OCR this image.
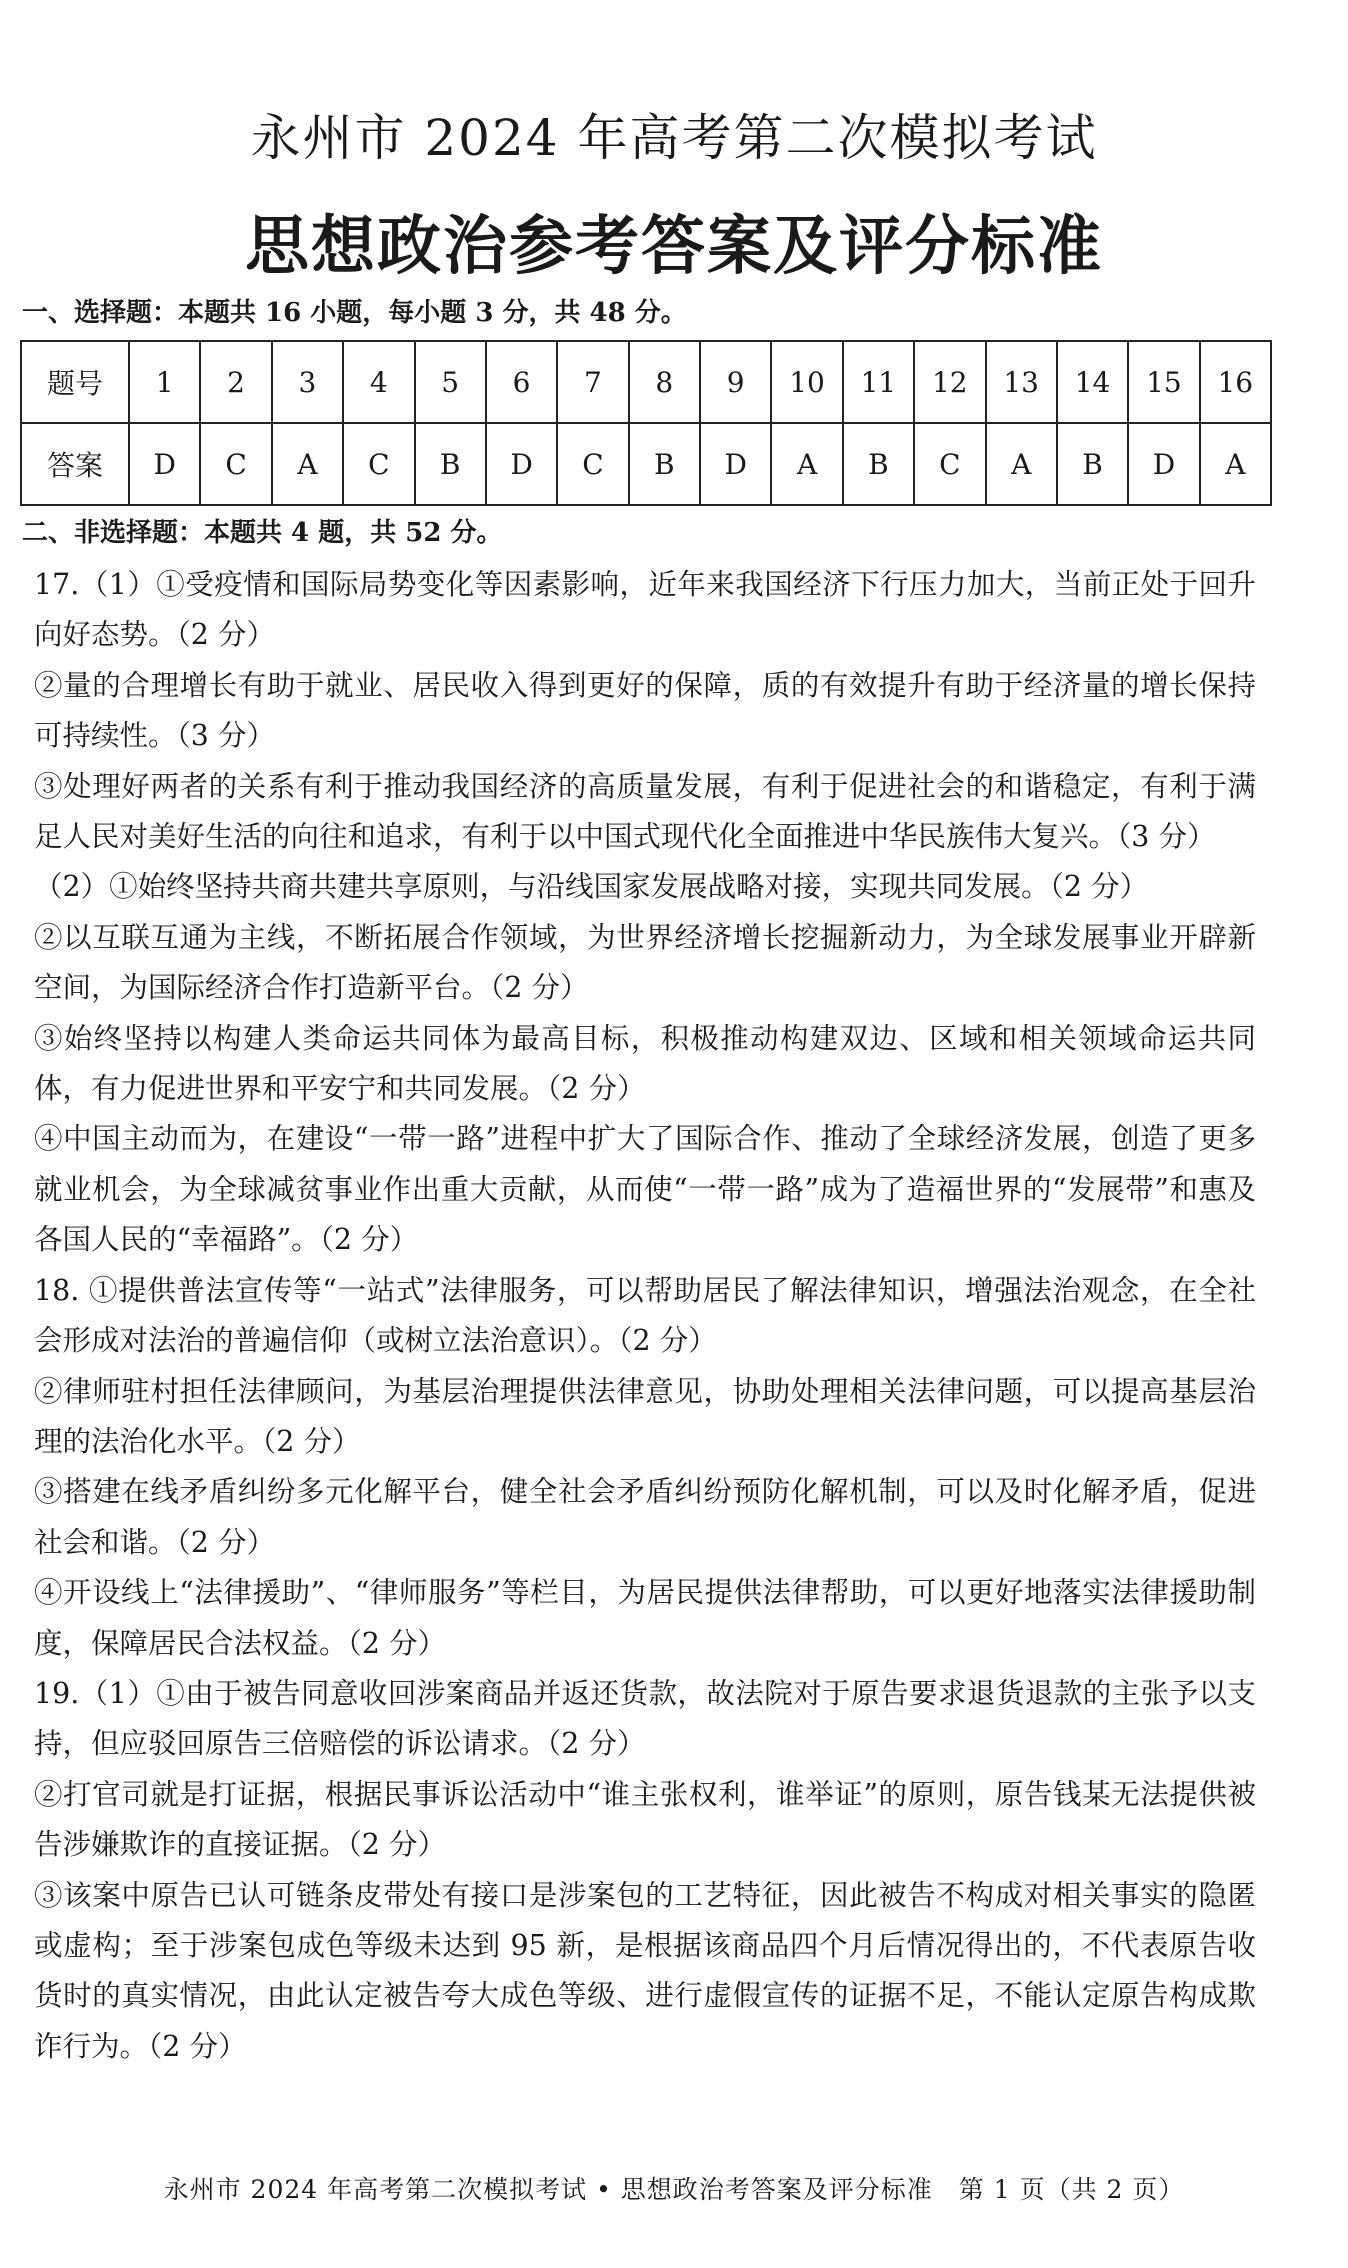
永州市 2024 年高考第二次模拟考试
思想政治参考答案及评分标准
一、选择题：本题共 16 小题，每小题 3 分，共 48 分。
题号	1	2	3	4	5	6	7	8	9	10	11	12	13	14	15	16
答案	D	C	A	C	B	D	C	B	D	A	B	C	A	B	D	A
二、非选择题：本题共 4 题，共 52 分。

17.（1）①受疫情和国际局势变化等因素影响，近年来我国经济下行压力加大，当前正处于回升向好态势。（2 分）

②量的合理增长有助于就业、居民收入得到更好的保障，质的有效提升有助于经济量的增长保持可持续性。（3 分）

③处理好两者的关系有利于推动我国经济的高质量发展，有利于促进社会的和谐稳定，有利于满足人民对美好生活的向往和追求，有利于以中国式现代化全面推进中华民族伟大复兴。（3 分）

（2）①始终坚持共商共建共享原则，与沿线国家发展战略对接，实现共同发展。（2 分）

②以互联互通为主线，不断拓展合作领域，为世界经济增长挖掘新动力，为全球发展事业开辟新空间，为国际经济合作打造新平台。（2 分）

③始终坚持以构建人类命运共同体为最高目标，积极推动构建双边、区域和相关领域命运共同体，有力促进世界和平安宁和共同发展。（2 分）

④中国主动而为，在建设“一带一路”进程中扩大了国际合作、推动了全球经济发展，创造了更多就业机会，为全球减贫事业作出重大贡献，从而使“一带一路”成为了造福世界的“发展带”和惠及各国人民的“幸福路”。（2 分）

18. ①提供普法宣传等“一站式”法律服务，可以帮助居民了解法律知识，增强法治观念，在全社会形成对法治的普遍信仰（或树立法治意识）。（2 分）

②律师驻村担任法律顾问，为基层治理提供法律意见，协助处理相关法律问题，可以提高基层治理的法治化水平。（2 分）

③搭建在线矛盾纠纷多元化解平台，健全社会矛盾纠纷预防化解机制，可以及时化解矛盾，促进社会和谐。（2 分）

④开设线上“法律援助”、“律师服务”等栏目，为居民提供法律帮助，可以更好地落实法律援助制度，保障居民合法权益。（2 分）

19.（1）①由于被告同意收回涉案商品并返还货款，故法院对于原告要求退货退款的主张予以支持，但应驳回原告三倍赔偿的诉讼请求。（2 分）

②打官司就是打证据，根据民事诉讼活动中“谁主张权利，谁举证”的原则，原告钱某无法提供被告涉嫌欺诈的直接证据。（2 分）

③该案中原告已认可链条皮带处有接口是涉案包的工艺特征，因此被告不构成对相关事实的隐匿或虚构；至于涉案包成色等级未达到 95 新，是根据该商品四个月后情况得出的，不代表原告收货时的真实情况，由此认定被告夸大成色等级、进行虚假宣传的证据不足，不能认定原告构成欺诈行为。（2 分）

永州市 2024 年高考第二次模拟考试 • 思想政治考答案及评分标准　第 1 页（共 2 页）
